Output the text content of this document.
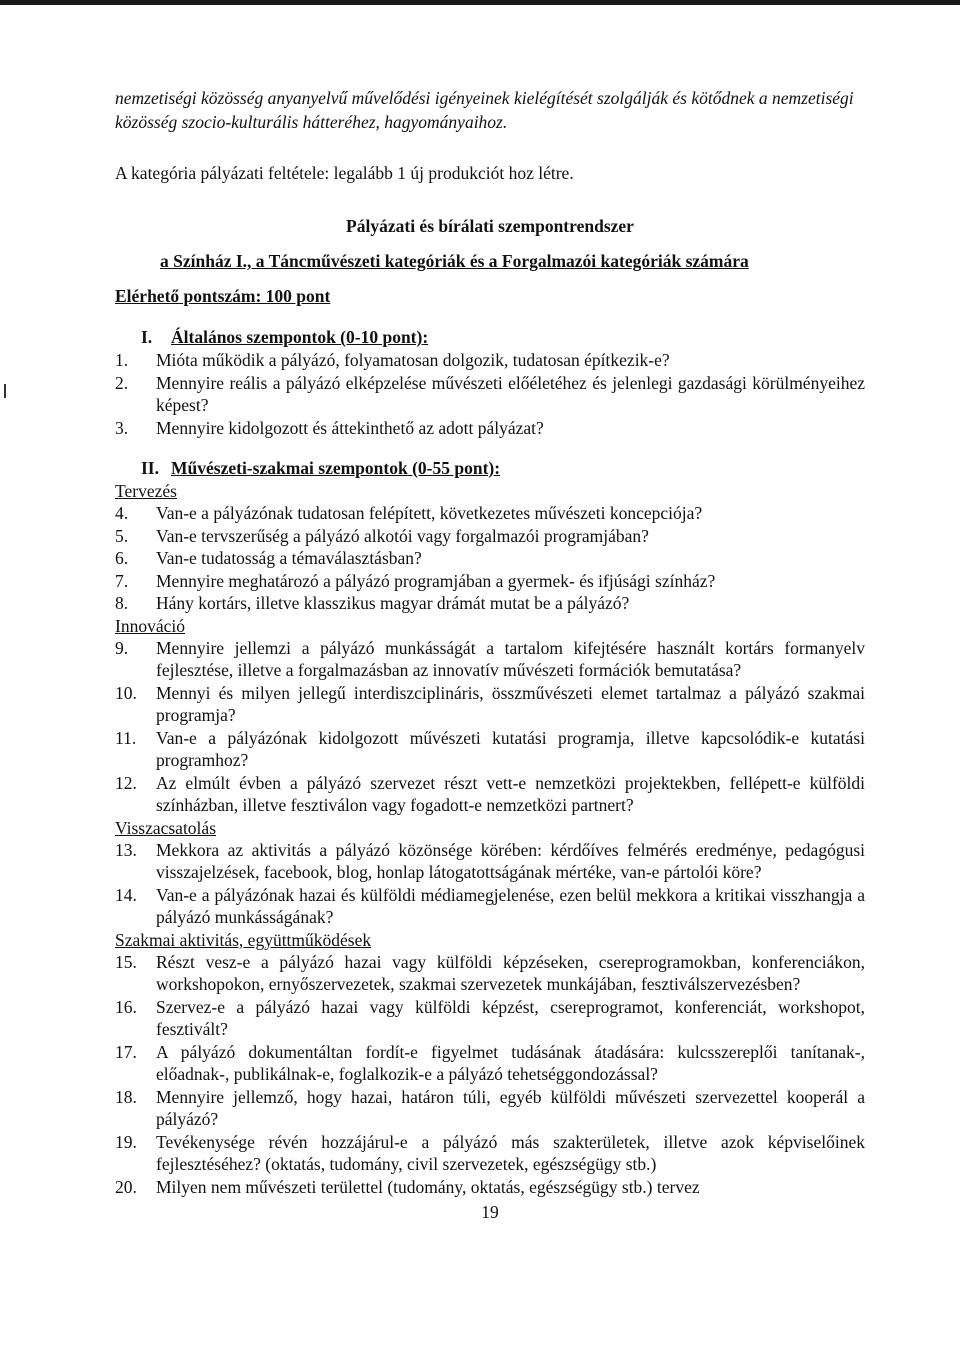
nemzetiségi közösség anyanyelvű művelődési igényeinek kielégítését szolgálják és kötődnek a nemzetiségi közösség szocio-kulturális hátteréhez, hagyományaihoz.

A kategória pályázati feltétele: legalább 1 új produkciót hoz létre.

Pályázati és bírálati szempontrendszer

a Színház I., a Táncművészeti kategóriák és a Forgalmazói kategóriák számára

Elérhető pontszám: 100 pont

I. Általános szempontok (0-10 pont):

1.	Mióta működik a pályázó, folyamatosan dolgozik, tudatosan építkezik-e?
2.	Mennyire reális a pályázó elképzelése művészeti előéletéhez és jelenlegi gazdasági körülményeihez képest?
3.	Mennyire kidolgozott és áttekinthető az adott pályázat?

II. Művészeti-szakmai szempontok (0-55 pont):

Tervezés

4.	Van-e a pályázónak tudatosan felépített, következetes művészeti koncepciója?
5.	Van-e tervszerűség a pályázó alkotói vagy forgalmazói programjában?
6.	Van-e tudatosság a témaválasztásban?
7.	Mennyire meghatározó a pályázó programjában a gyermek- és ifjúsági színház?
8.	Hány kortárs, illetve klasszikus magyar drámát mutat be a pályázó?

Innováció

9.	Mennyire jellemzi a pályázó munkásságát a tartalom kifejtésére használt kortárs formanyelv fejlesztése, illetve a forgalmazásban az innovatív művészeti formációk bemutatása?
10.	Mennyi és milyen jellegű interdiszciplináris, összművészeti elemet tartalmaz a pályázó szakmai programja?
11.	Van-e a pályázónak kidolgozott művészeti kutatási programja, illetve kapcsolódik-e kutatási programhoz?
12.	Az elmúlt évben a pályázó szervezet részt vett-e nemzetközi projektekben, fellépett-e külföldi színházban, illetve fesztiválon vagy fogadott-e nemzetközi partnert?

Visszacsatolás

13.	Mekkora az aktivitás a pályázó közönsége körében: kérdőíves felmérés eredménye, pedagógusi visszajelzések, facebook, blog, honlap látogatottságának mértéke, van-e pártolói köre?
14.	Van-e a pályázónak hazai és külföldi médiamegjelenése, ezen belül mekkora a kritikai visszhangja a pályázó munkásságának?

Szakmai aktivitás, együttműködések

15.	Részt vesz-e a pályázó hazai vagy külföldi képzéseken, csereprogramokban, konferenciákon, workshopokon, ernyőszervezetek, szakmai szervezetek munkájában, fesztiválszervezésben?
16.	Szervez-e a pályázó hazai vagy külföldi képzést, csereprogramot, konferenciát, workshopot, fesztivált?
17.	A pályázó dokumentáltan fordít-e figyelmet tudásának átadására: kulcsszereplői tanítanak-, előadnak-, publikálnak-e, foglalkozik-e a pályázó tehetséggondozással?
18.	Mennyire jellemző, hogy hazai, határon túli, egyéb külföldi művészeti szervezettel kooperál a pályázó?
19.	Tevékenysége révén hozzájárul-e a pályázó más szakterületek, illetve azok képviselőinek fejlesztéséhez? (oktatás, tudomány, civil szervezetek, egészségügy stb.)
20.	Milyen nem művészeti területtel (tudomány, oktatás, egészségügy stb.) tervez

19
